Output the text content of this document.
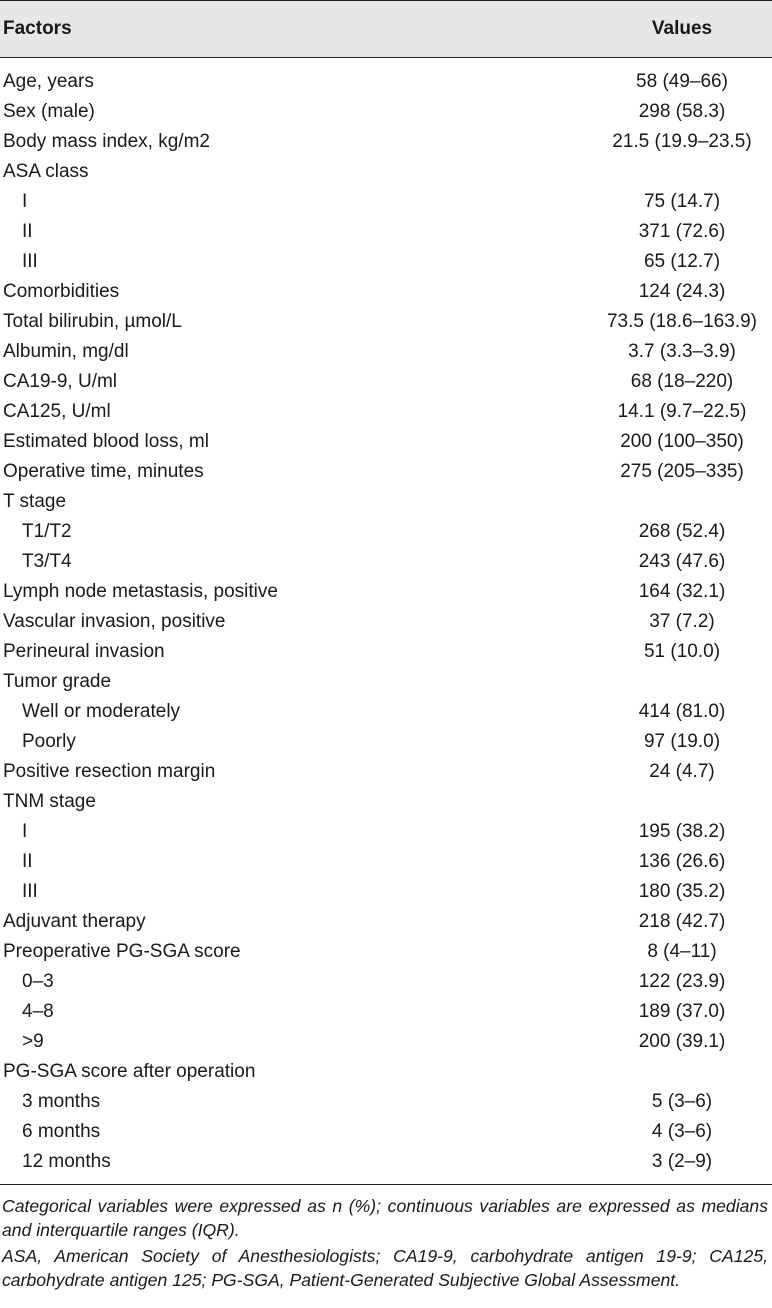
Factors	Values
Age, years	58 (49–66)
Sex (male)	298 (58.3)
Body mass index, kg/m2	21.5 (19.9–23.5)
ASA class	
I	75 (14.7)
II	371 (72.6)
III	65 (12.7)
Comorbidities	124 (24.3)
Total bilirubin, µmol/L	73.5 (18.6–163.9)
Albumin, mg/dl	3.7 (3.3–3.9)
CA19-9, U/ml	68 (18–220)
CA125, U/ml	14.1 (9.7–22.5)
Estimated blood loss, ml	200 (100–350)
Operative time, minutes	275 (205–335)
T stage	
T1/T2	268 (52.4)
T3/T4	243 (47.6)
Lymph node metastasis, positive	164 (32.1)
Vascular invasion, positive	37 (7.2)
Perineural invasion	51 (10.0)
Tumor grade	
Well or moderately	414 (81.0)
Poorly	97 (19.0)
Positive resection margin	24 (4.7)
TNM stage	
I	195 (38.2)
II	136 (26.6)
III	180 (35.2)
Adjuvant therapy	218 (42.7)
Preoperative PG-SGA score	8 (4–11)
0–3	122 (23.9)
4–8	189 (37.0)
>9	200 (39.1)
PG-SGA score after operation	
3 months	5 (3–6)
6 months	4 (3–6)
12 months	3 (2–9)

Categorical variables were expressed as n (%); continuous variables are expressed as medians and interquartile ranges (IQR).

ASA, American Society of Anesthesiologists; CA19-9, carbohydrate antigen 19-9; CA125, carbohydrate antigen 125; PG-SGA, Patient-Generated Subjective Global Assessment.
